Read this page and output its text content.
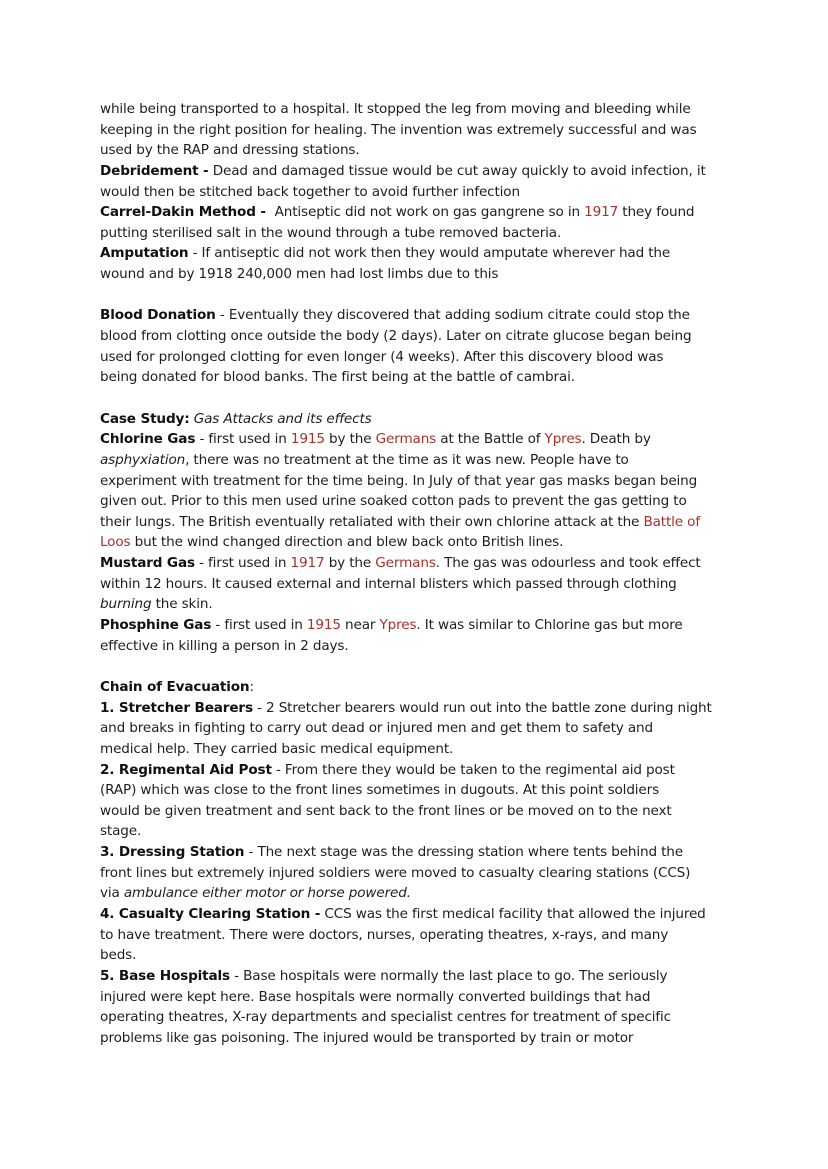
while being transported to a hospital. It stopped the leg from moving and bleeding while
keeping in the right position for healing. The invention was extremely successful and was
used by the RAP and dressing stations.
Debridement - Dead and damaged tissue would be cut away quickly to avoid infection, it
would then be stitched back together to avoid further infection
Carrel-Dakin Method -  Antiseptic did not work on gas gangrene so in 1917 they found
putting sterilised salt in the wound through a tube removed bacteria.
Amputation - If antiseptic did not work then they would amputate wherever had the
wound and by 1918 240,000 men had lost limbs due to this
Blood Donation - Eventually they discovered that adding sodium citrate could stop the
blood from clotting once outside the body (2 days). Later on citrate glucose began being
used for prolonged clotting for even longer (4 weeks). After this discovery blood was
being donated for blood banks. The first being at the battle of cambrai.
Case Study: Gas Attacks and its effects
Chlorine Gas - first used in 1915 by the Germans at the Battle of Ypres. Death by
asphyxiation, there was no treatment at the time as it was new. People have to
experiment with treatment for the time being. In July of that year gas masks began being
given out. Prior to this men used urine soaked cotton pads to prevent the gas getting to
their lungs. The British eventually retaliated with their own chlorine attack at the Battle of
Loos but the wind changed direction and blew back onto British lines.
Mustard Gas - first used in 1917 by the Germans. The gas was odourless and took effect
within 12 hours. It caused external and internal blisters which passed through clothing
burning the skin.
Phosphine Gas - first used in 1915 near Ypres. It was similar to Chlorine gas but more
effective in killing a person in 2 days.
Chain of Evacuation:
1. Stretcher Bearers - 2 Stretcher bearers would run out into the battle zone during night
and breaks in fighting to carry out dead or injured men and get them to safety and
medical help. They carried basic medical equipment.
2. Regimental Aid Post - From there they would be taken to the regimental aid post
(RAP) which was close to the front lines sometimes in dugouts. At this point soldiers
would be given treatment and sent back to the front lines or be moved on to the next
stage.
3. Dressing Station - The next stage was the dressing station where tents behind the
front lines but extremely injured soldiers were moved to casualty clearing stations (CCS)
via ambulance either motor or horse powered.
4. Casualty Clearing Station - CCS was the first medical facility that allowed the injured
to have treatment. There were doctors, nurses, operating theatres, x-rays, and many
beds.
5. Base Hospitals - Base hospitals were normally the last place to go. The seriously
injured were kept here. Base hospitals were normally converted buildings that had
operating theatres, X-ray departments and specialist centres for treatment of specific
problems like gas poisoning. The injured would be transported by train or motor
